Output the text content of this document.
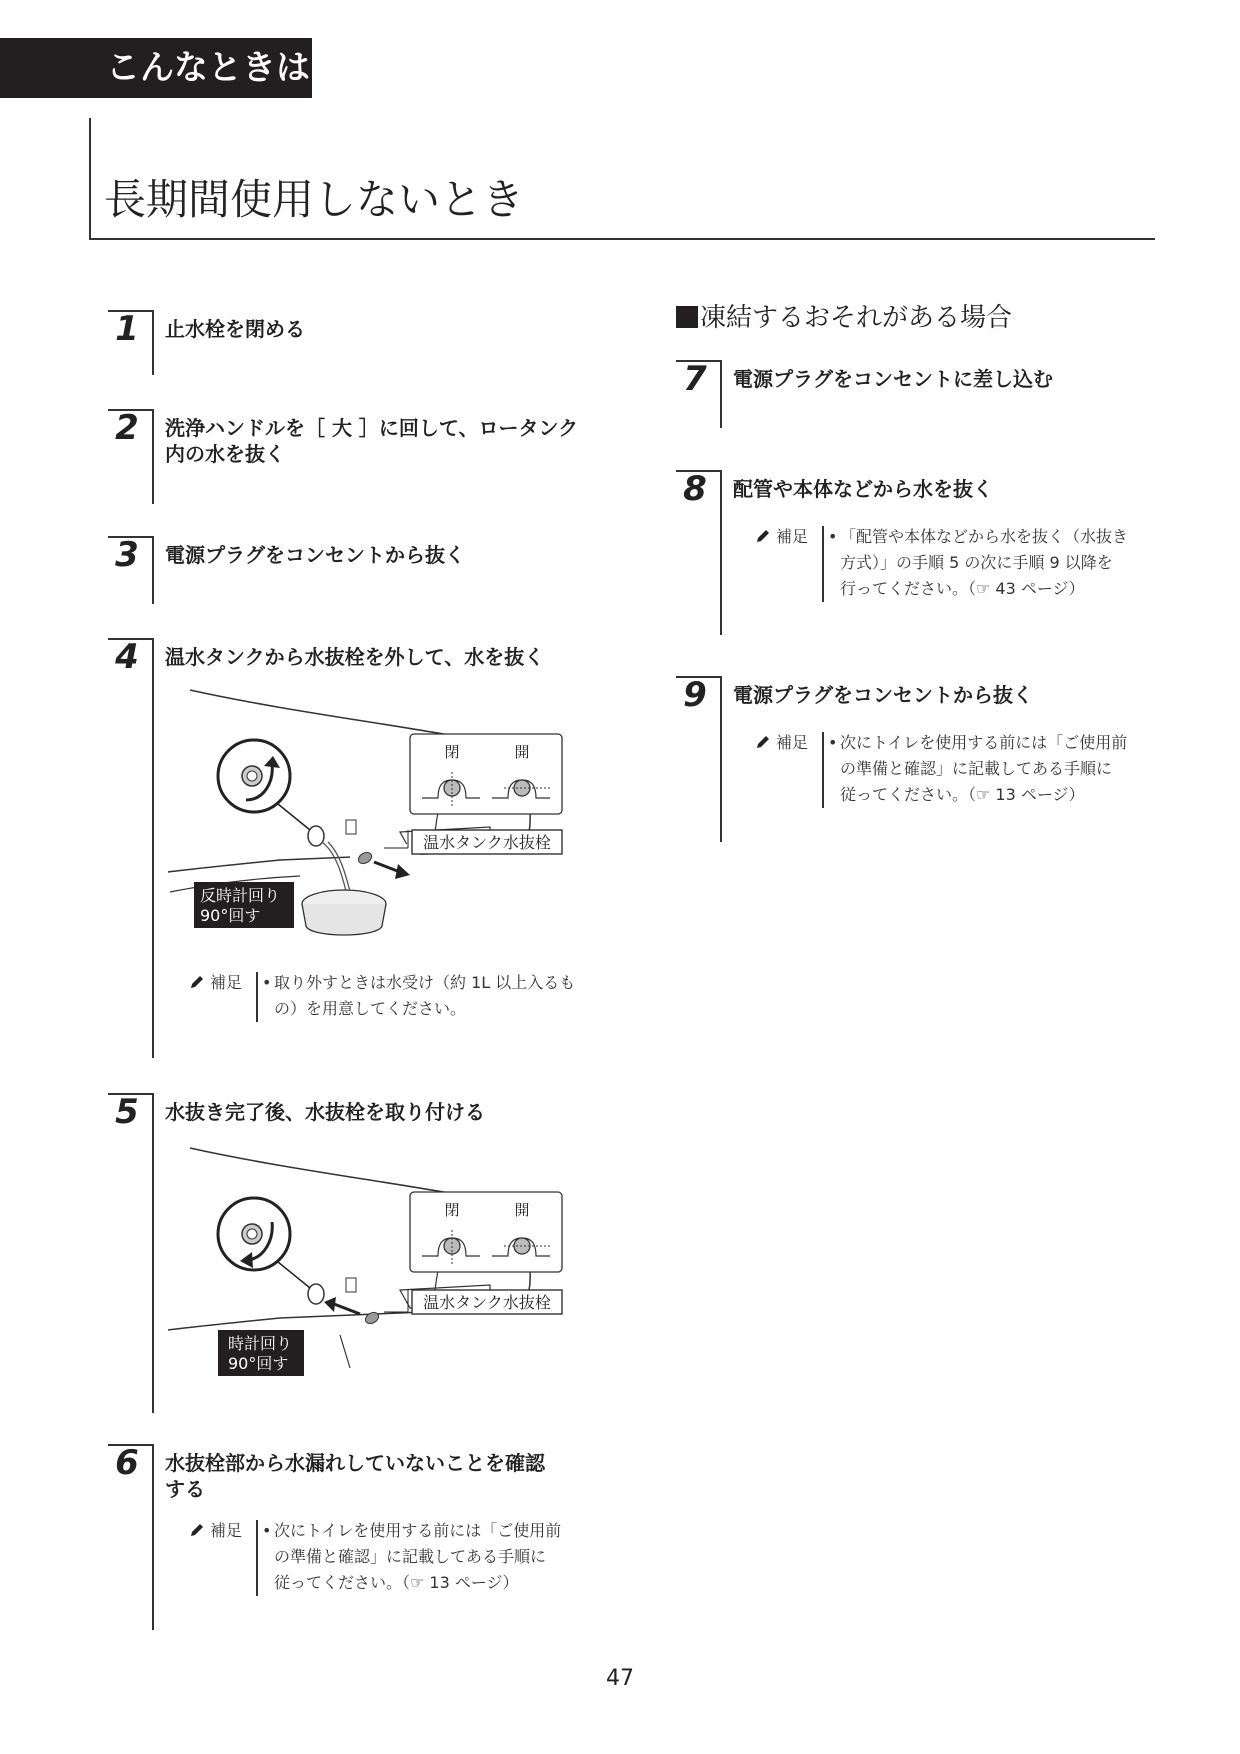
こんなときは
長期間使用しないとき
1	止水栓を閉める
2	洗浄ハンドルを［ 大 ］に回して、ロータンク
内の水を抜く
3	電源プラグをコンセントから抜く
4	温水タンクから水抜栓を外して、水を抜く
温水タンク水抜栓
閉	開
反時計回り
90°回す
補足 • 取り外すときは水受け（約 1L 以上入るも
の）を用意してください。
5	水抜き完了後、水抜栓を取り付ける
温水タンク水抜栓
閉	開
時計回り
90°回す
6	水抜栓部から水漏れしていないことを確認
する
補足 • 次にトイレを使用する前には「ご使用前
の準備と確認」に記載してある手順に
従ってください。（☞ 13 ページ）
凍結するおそれがある場合
7	電源プラグをコンセントに差し込む
8	配管や本体などから水を抜く
補足 • 「配管や本体などから水を抜く（水抜き
方式）」の手順 5 の次に手順 9 以降を
行ってください。（☞ 43 ページ）
9	電源プラグをコンセントから抜く
補足 • 次にトイレを使用する前には「ご使用前
の準備と確認」に記載してある手順に
従ってください。（☞ 13 ページ）
47
